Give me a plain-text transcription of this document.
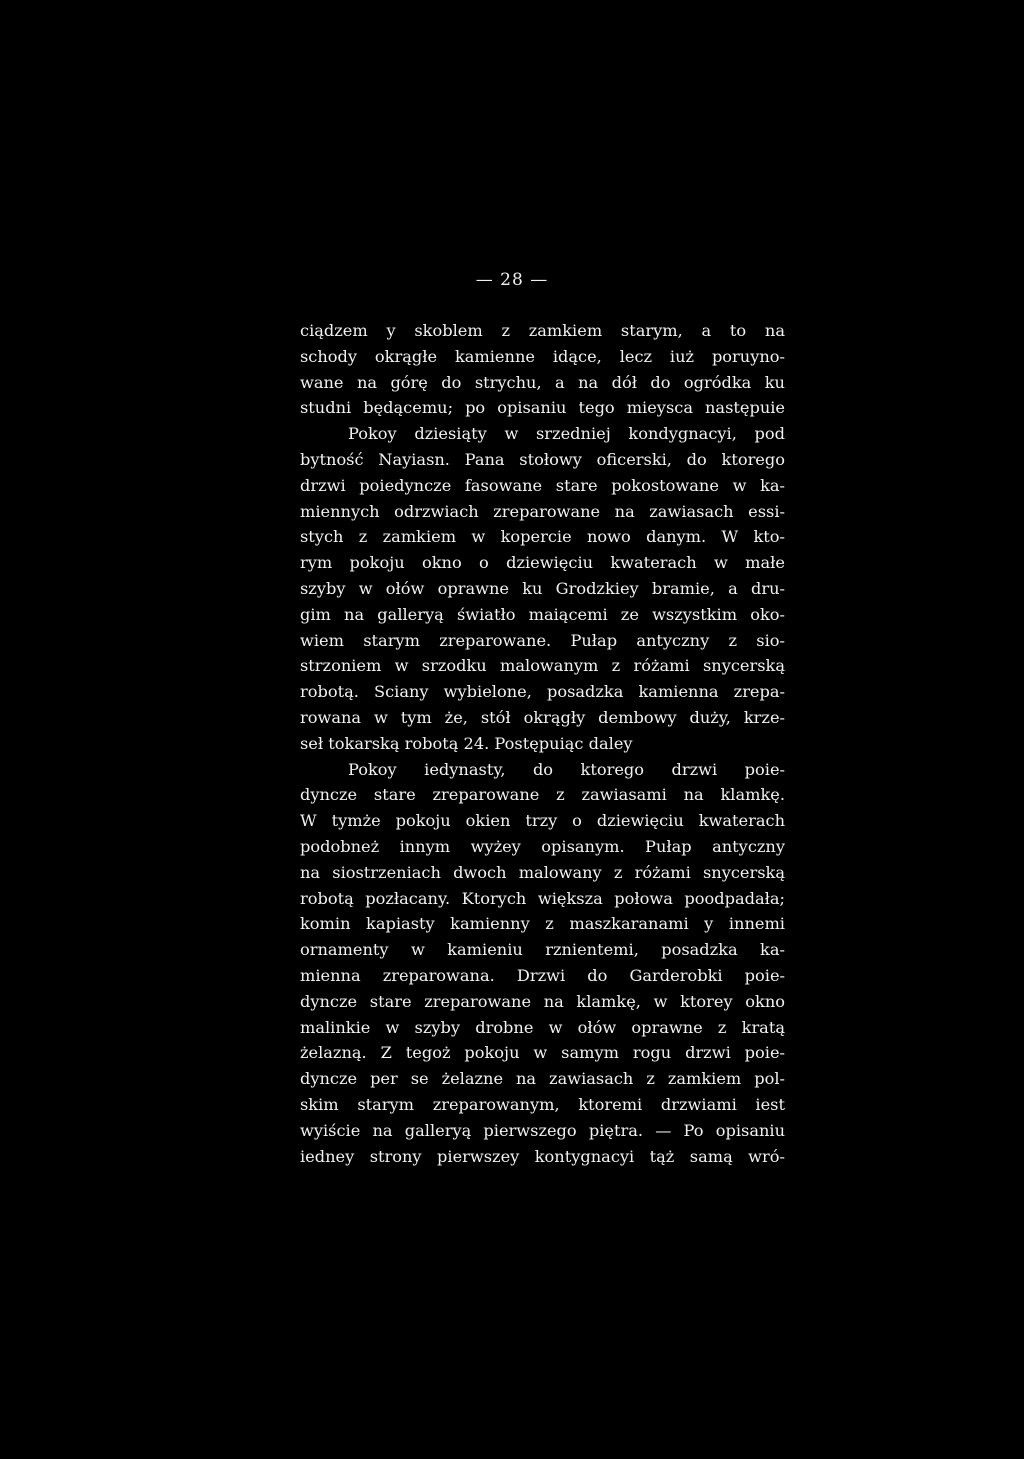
— 28 —
ciądzem y skoblem z zamkiem starym, a to na
schody okrągłe kamienne idące, lecz iuż poruyno-
wane na górę do strychu, a na dół do ogródka ku
studni będącemu; po opisaniu tego mieysca następuie
Pokoy dziesiąty w srzedniej kondygnacyi, pod
bytność Nayiasn. Pana stołowy oficerski, do ktorego
drzwi poiedyncze fasowane stare pokostowane w ka-
miennych odrzwiach zreparowane na zawiasach essi-
stych z zamkiem w kopercie nowo danym. W kto-
rym pokoju okno o dziewięciu kwaterach w małe
szyby w ołów oprawne ku Grodzkiey bramie, a dru-
gim na galleryą światło maiącemi ze wszystkim oko-
wiem starym zreparowane. Pułap antyczny z sio-
strzoniem w srzodku malowanym z różami snycerską
robotą. Sciany wybielone, posadzka kamienna zrepa-
rowana w tym że, stół okrągły dembowy duży, krze-
seł tokarską robotą 24. Postępuiąc daley
Pokoy iedynasty, do ktorego drzwi poie-
dyncze stare zreparowane z zawiasami na klamkę.
W tymże pokoju okien trzy o dziewięciu kwaterach
podobneż innym wyżey opisanym. Pułap antyczny
na siostrzeniach dwoch malowany z różami snycerską
robotą pozłacany. Ktorych większa połowa poodpadała;
komin kapiasty kamienny z maszkaranami y innemi
ornamenty w kamieniu rznientemi, posadzka ka-
mienna zreparowana. Drzwi do Garderobki poie-
dyncze stare zreparowane na klamkę, w ktorey okno
malinkie w szyby drobne w ołów oprawne z kratą
żelazną. Z tegoż pokoju w samym rogu drzwi poie-
dyncze per se żelazne na zawiasach z zamkiem pol-
skim starym zreparowanym, ktoremi drzwiami iest
wyiście na galleryą pierwszego piętra. — Po opisaniu
iedney strony pierwszey kontygnacyi tąż samą wró-
